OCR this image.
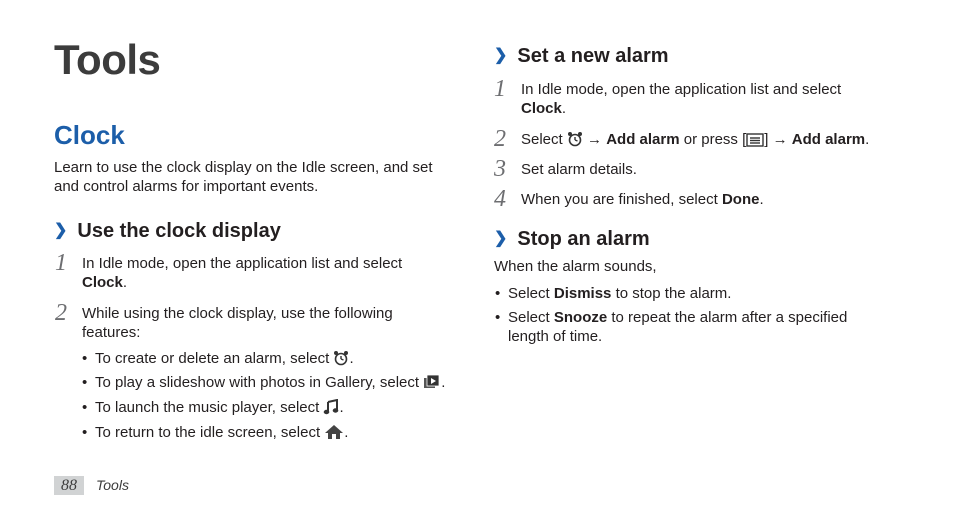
Tools
Clock
Learn to use the clock display on the Idle screen, and set and control alarms for important events.
❯ Use the clock display
1 In Idle mode, open the application list and select Clock.
2 While using the clock display, use the following features:
• To create or delete an alarm, select .
• To play a slideshow with photos in Gallery, select .
• To launch the music player, select .
• To return to the idle screen, select .
❯ Set a new alarm
1 In Idle mode, open the application list and select Clock.
2 Select  → Add alarm or press [ ] → Add alarm.
3 Set alarm details.
4 When you are finished, select Done.
❯ Stop an alarm
When the alarm sounds,
• Select Dismiss to stop the alarm.
• Select Snooze to repeat the alarm after a specified length of time.
88	Tools
